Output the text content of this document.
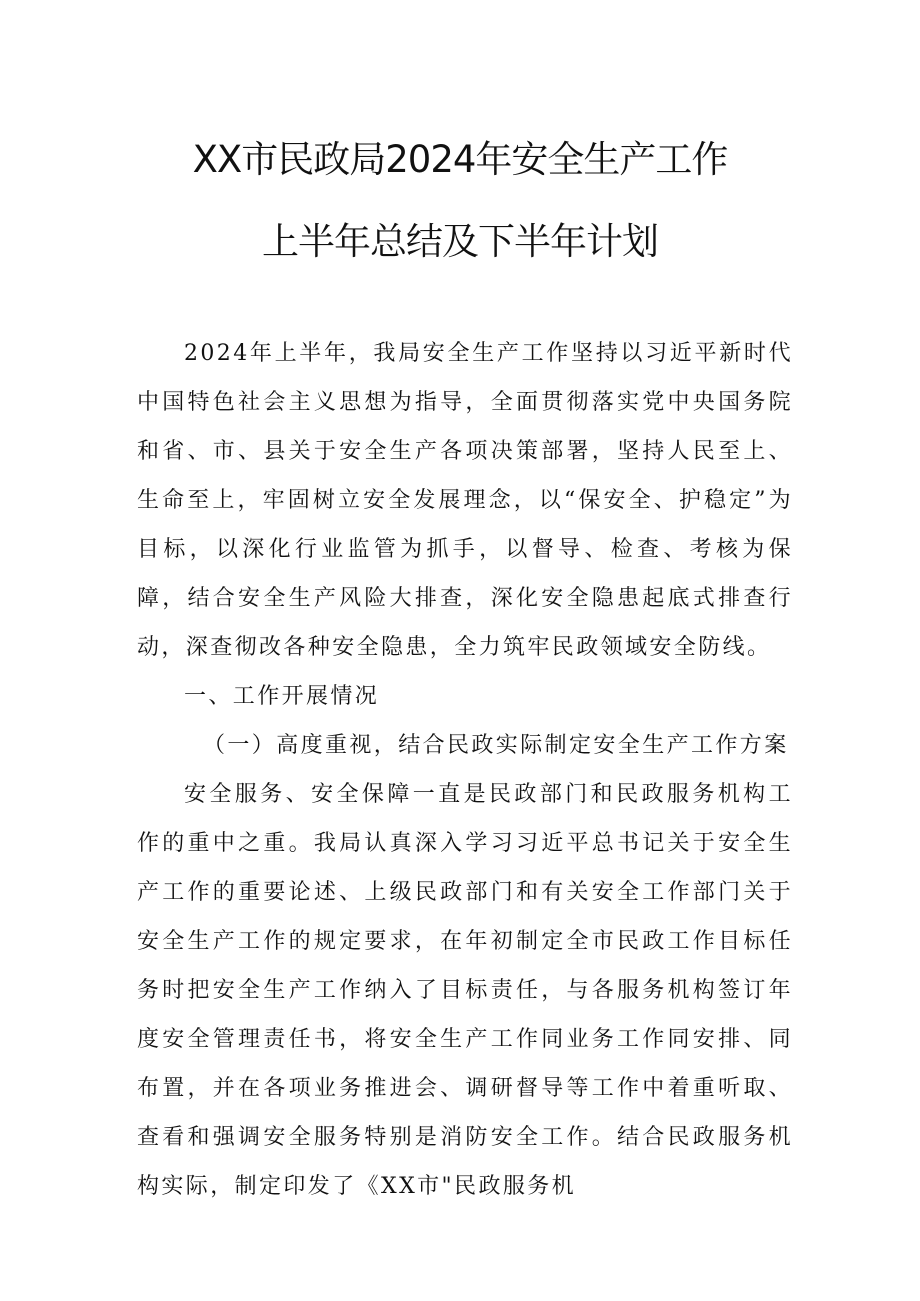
XX市民政局2024年安全生产工作
上半年总结及下半年计划

2024年上半年，我局安全生产工作坚持以习近平新时代中国特色社会主义思想为指导，全面贯彻落实党中央国务院和省、市、县关于安全生产各项决策部署，坚持人民至上、生命至上，牢固树立安全发展理念，以“保安全、护稳定”为目标，以深化行业监管为抓手，以督导、检查、考核为保障，结合安全生产风险大排查，深化安全隐患起底式排查行动，深查彻改各种安全隐患，全力筑牢民政领域安全防线。

一、工作开展情况

（一）高度重视，结合民政实际制定安全生产工作方案

安全服务、安全保障一直是民政部门和民政服务机构工作的重中之重。我局认真深入学习习近平总书记关于安全生产工作的重要论述、上级民政部门和有关安全工作部门关于安全生产工作的规定要求，在年初制定全市民政工作目标任务时把安全生产工作纳入了目标责任，与各服务机构签订年度安全管理责任书，将安全生产工作同业务工作同安排、同布置，并在各项业务推进会、调研督导等工作中着重听取、查看和强调安全服务特别是消防安全工作。结合民政服务机构实际，制定印发了《XX市"民政服务机
